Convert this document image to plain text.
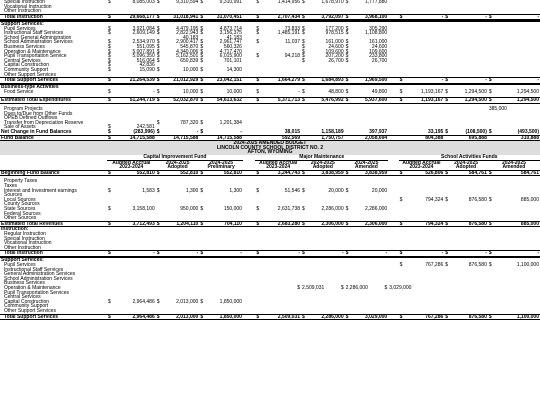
Special Instruction	$	8,085,003	$	9,310,594	$	9,310,991			$	1,414,956	$	1,678,970	$	1,777,880							
Vocational Instruction																					
Other Instruction																					
Total Instruction	$	29,668,177	$	31,018,941	$	31,070,451			$	2,707,434	$	3,792,097	$	3,968,100		$	-	$	-	$	-

Support Services:																					
Pupil Services	$	3,921,084	$	4,479,195	$	4,873,714			$	73,833	$	177,200	$	305,290							
Instructional Staff Services	$	2,609,149	$	2,822,943	$	3,156,375			$	1,485,191	$	978,515	$	1,108,800							
School General Administration				40,183		41,183															
School Administration Services	$	2,534,970	$	2,900,417	$	2,961,747			$	11,037	$	161,000	$	161,000							
Business Services	$	551,095	$	545,870	$	560,326					$	24,600	$	24,600							
Operation & Maintenance	$	5,007,891	$	4,340,006	$	4,717,470					$	109,600	$	109,600							
Pupil Transportation Service	$	5,096,350	$	5,162,501	$	6,015,900			$	94,218	$	207,200	$	233,800							
Central Services	$	516,064	$	650,839	$	701,101					$	26,700	$	26,700							
Capital Construction	$	42,836																			
Community Support	$	15,090	$	10,000	$	14,300															
Other Support Services																					
Total Support Services	$	21,264,539	$	21,012,929	$	23,042,151			$	1,664,279	$	1,684,893	$	1,969,500		$	-	$	-	$	-

Business-type Activities																					
Food Service	$	-	$	10,000	$	10,000			$	-	$	48,800	$	49,800		$	1,193,167	$	1,294,500	$	1,294,500

Estimated Total Expenditures	$	51,244,719	$	52,032,870	$	54,613,632			$	5,371,713	$	5,476,992	$	5,937,600		$	1,193,167	$	1,294,500	$	1,294,500

Program Projects																				385,000	
Dues to/Due from Other Funds																					
OPEB Defined Outflows																					
Transfer from Depreciation Reserve			$	787,320	$	1,201,384															
Sale of Assets	$	242,581																			
Net Change in Fund Balances	$	(283,996)	$	-	$	-				38,015		1,158,189		397,937			33,195	$	(108,500)	$	(493,500)
Fund Balance	$	14,715,588		14,715,588		14,715,588				592,569		1,750,757		2,058,694			804,388		695,888		310,888
2024-2025 AMENDED BUDGET																					
LINCOLN COUNTY SCHOOL DISTRICT NO. 2																					
AFTON, WYOMING																					
	Capital Improvement Fund								Major Maintenance							School Activities Funds					
	Audited Accrual		2024-2025		2024-2025				Audited Accrual		2024-2025		2024-2025			Audited Accrual		2024-2025		2024-2025	
	2023-2024		Adopted		Preliminary				2023-2024		Adopted		Amended			2023-2024		Adopted		Amended	
Beginning Fund Balance	$	552,810	$	552,810	$	552,810			$	3,244,743	$	3,838,959	$	3,838,959		$	526,806	$	584,761	$	584,761

Property Taxes																					
Taxes																					
Interest and Investment earnings	$	1,583	$	1,300	$	1,300			$	51,546	$	20,000	$	20,000							
Sources																					
Local Sources																$	794,324	$	876,580	$	885,000
County Sources																					
State Sources	$	3,158,100		950,000	$	150,000			$	2,631,738	$	2,286,000	$	2,286,000							
Federal Sources																					
Other Sources																					
Estimated Total Revenues	$	3,712,493	$	1,204,110	$	704,110			$	2,683,280	$	2,306,000	$	2,306,000		$	794,324	$	876,580	$	885,000
Instruction:																					
Regular Instruction																					
Special Instruction																					
Vocational Instruction																					
Other Instruction																					
Total Instruction	$	-	$	-	$	-			$	-	$	-	$	-		$	-	$	-	$	-

Support Services:																					
Pupil Services																$	767,286	$	876,580	$	1,100,000
Instructional Staff Services																					
General Administration Services																					
School Administration Services																					
Business Services																					
Operation & Maintenance										$	2,509,031	$	2,286,000	$	3,029,000						
Pupil Transportation Services																					
Central Services																					
Capital Construction	$	2,964,486	$	2,013,000	$	1,850,000															
Community Support																					
Other Support Services																					
Total Support Services	$	2,964,486	$	2,013,000	$	1,850,000			$	2,509,031	$	2,286,000	$	3,029,000		$	767,286	$	876,580	$	1,100,000
